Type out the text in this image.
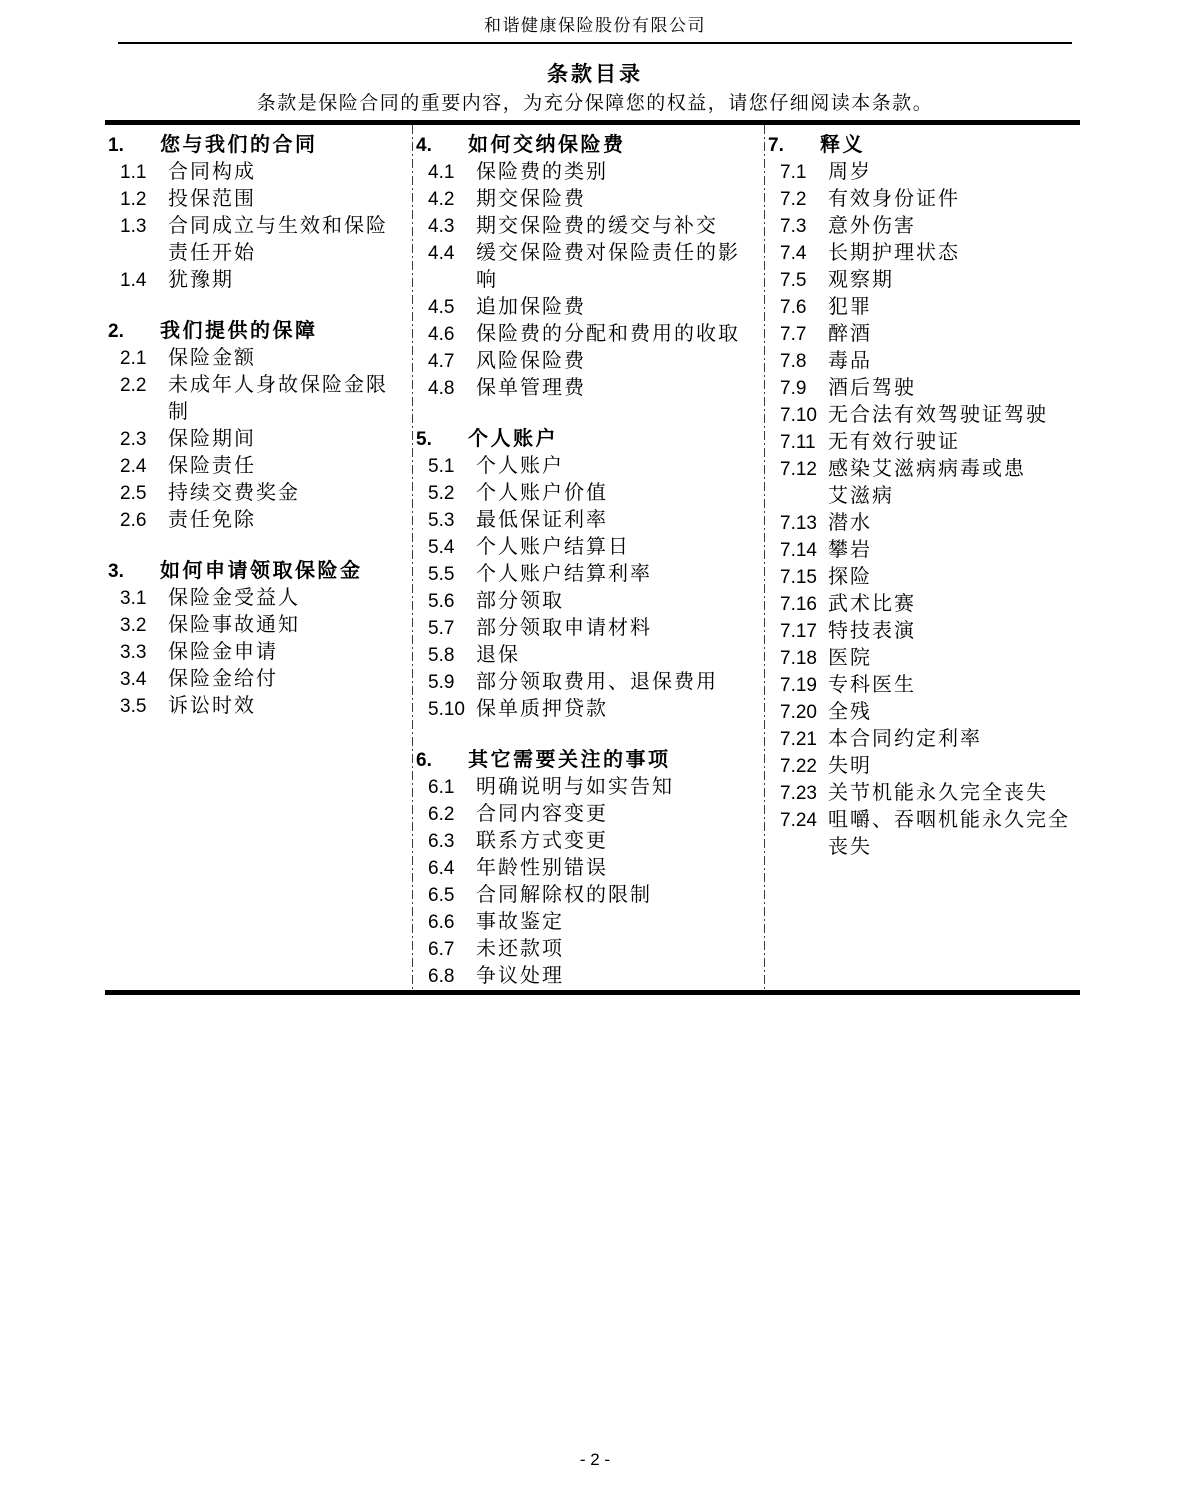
和谐健康保险股份有限公司
条款目录

条款是保险合同的重要内容，为充分保障您的权益，请您仔细阅读本条款。

1.	您与我们的合同
1.1	合同构成
1.2	投保范围
1.3	合同成立与生效和保险
责任开始
1.4	犹豫期
2.	我们提供的保障
2.1	保险金额
2.2	未成年人身故保险金限
制
2.3	保险期间
2.4	保险责任
2.5	持续交费奖金
2.6	责任免除
3.	如何申请领取保险金
3.1	保险金受益人
3.2	保险事故通知
3.3	保险金申请
3.4	保险金给付
3.5	诉讼时效
4.	如何交纳保险费
4.1	保险费的类别
4.2	期交保险费
4.3	期交保险费的缓交与补交
4.4	缓交保险费对保险责任的影响
4.5	追加保险费
4.6	保险费的分配和费用的收取
4.7	风险保险费
4.8	保单管理费
5.	个人账户
5.1	个人账户
5.2	个人账户价值
5.3	最低保证利率
5.4	个人账户结算日
5.5	个人账户结算利率
5.6	部分领取
5.7	部分领取申请材料
5.8	退保
5.9	部分领取费用、退保费用
5.10 保单质押贷款
6.	其它需要关注的事项
6.1	明确说明与如实告知
6.2	合同内容变更
6.3	联系方式变更
6.4	年龄性别错误
6.5	合同解除权的限制
6.6	事故鉴定
6.7	未还款项
6.8	争议处理
7.	释义
7.1	周岁
7.2	有效身份证件
7.3	意外伤害
7.4	长期护理状态
7.5	观察期
7.6	犯罪
7.7	醉酒
7.8	毒品
7.9	酒后驾驶
7.10 无合法有效驾驶证驾驶
7.11 无有效行驶证
7.12 感染艾滋病病毒或患
艾滋病
7.13 潜水
7.14 攀岩
7.15 探险
7.16 武术比赛
7.17 特技表演
7.18 医院
7.19 专科医生
7.20 全残
7.21 本合同约定利率
7.22 失明
7.23 关节机能永久完全丧失
7.24 咀嚼、吞咽机能永久完全
丧失
- 2 -
